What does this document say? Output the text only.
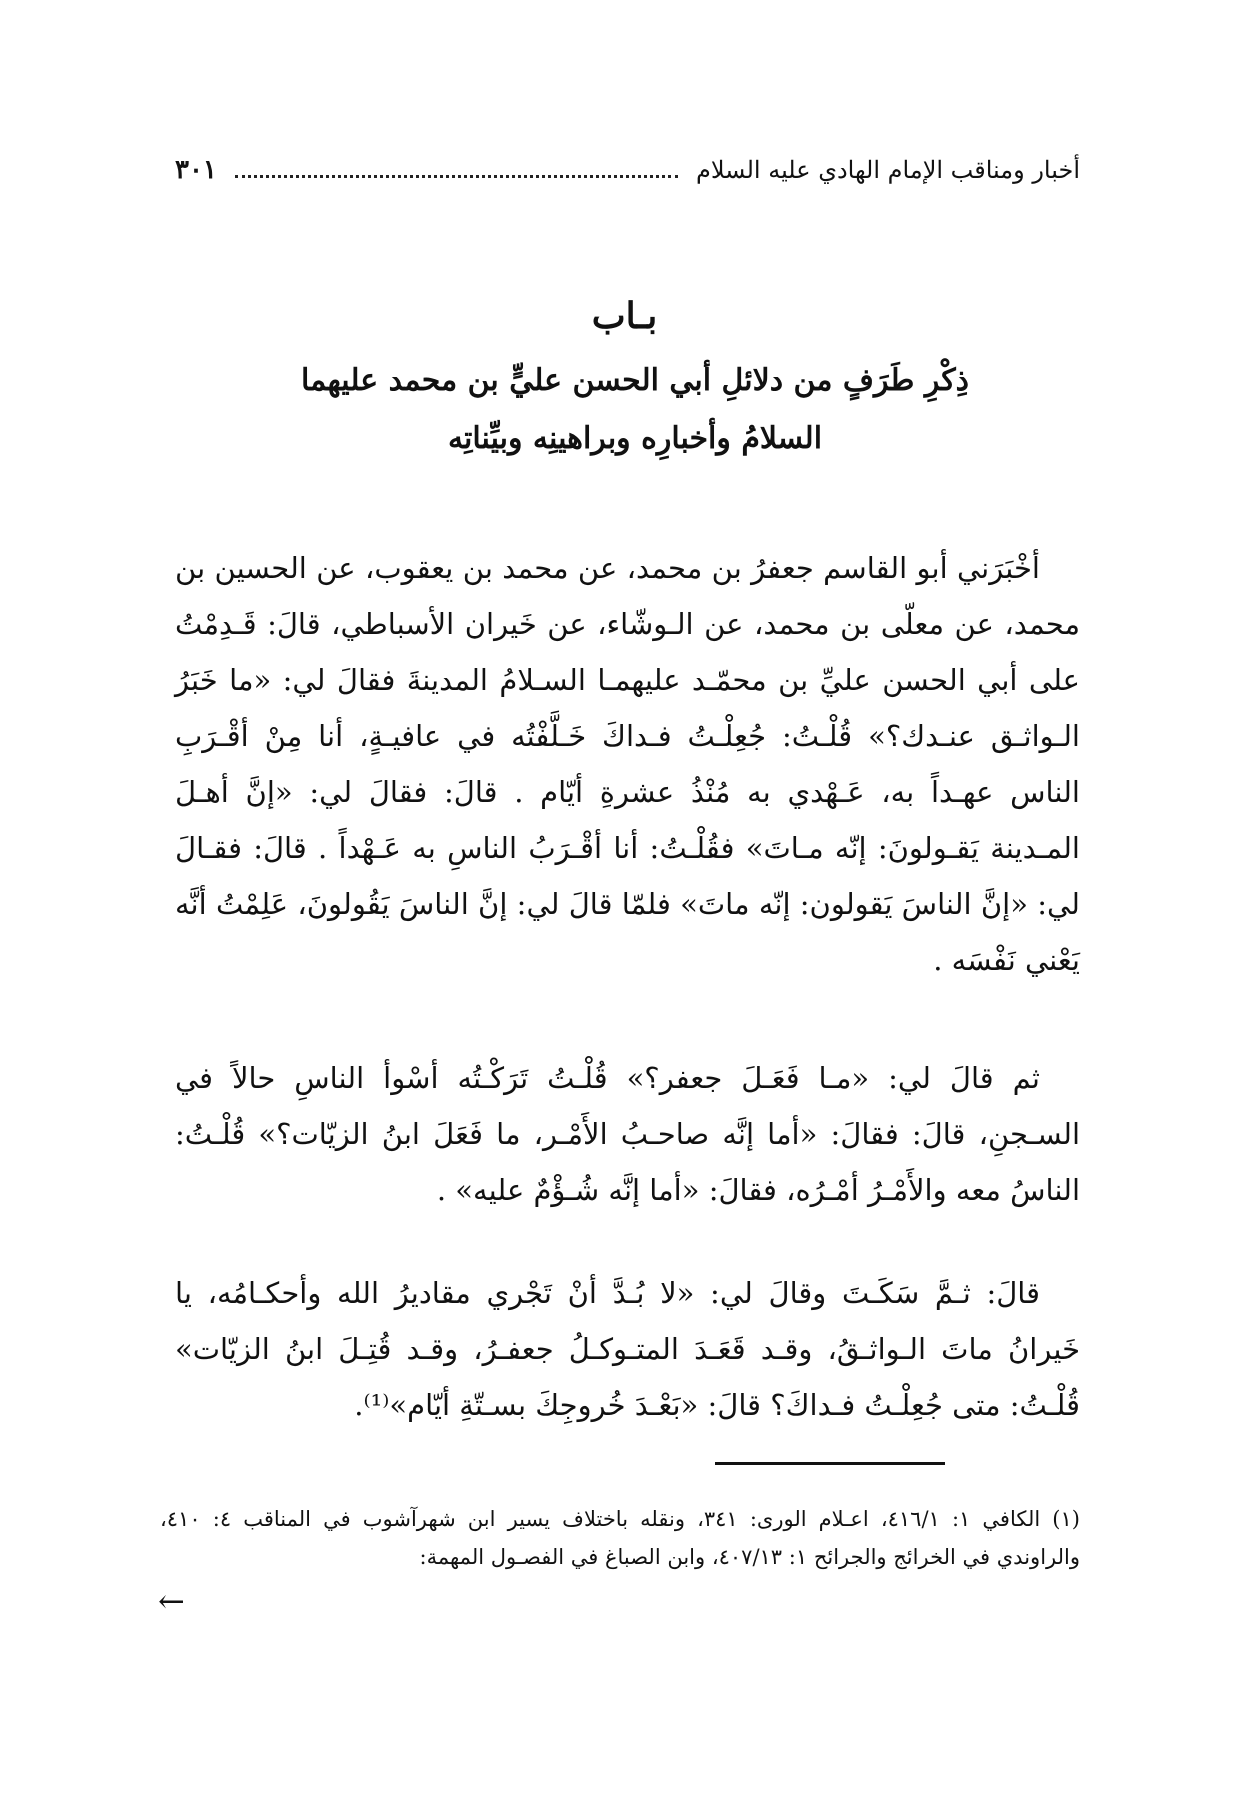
أخبار ومناقب الإمام الهادي عليه السلام
٣٠١
بـاب
ذِكْرِ طَرَفٍ من دلائلِ أبي الحسن عليٍّ بن محمد عليهما السلامُ وأخبارِه وبراهينِه وبيِّناتِه

أخْبَرَني أبو القاسم جعفرُ بن محمد، عن محمد بن يعقوب، عن الحسين بن محمد، عن معلّى بن محمد، عن الـوشّاء، عن خَيران الأسباطي، قالَ: قَـدِمْتُ على أبي الحسن عليِّ بن محمّـد عليهمـا السـلامُ المدينةَ فقالَ لي: «ما خَبَرُ الـواثـق عنـدك؟» قُلْـتُ: جُعِلْـتُ فـداكَ خَـلَّفْتُه في عافيـةٍ، أنا مِنْ أقْـرَبِ الناس عهـداً به، عَـهْدي به مُنْذُ عشرةِ أيّام . قالَ: فقالَ لي: «إنَّ أهـلَ المـدينة يَقـولونَ: إنّه مـاتَ» فقُلْـتُ: أنا أقْـرَبُ الناسِ به عَـهْداً . قالَ: فقـالَ لي: «إنَّ الناسَ يَقولون: إنّه ماتَ» فلمّا قالَ لي: إنَّ الناسَ يَقُولونَ، عَلِمْتُ أنَّه يَعْني نَفْسَه .

ثم قالَ لي: «مـا فَعَـلَ جعفر؟» قُلْـتُ تَرَكْـتُه أسْوأ الناسِ حالاً في السـجنِ، قالَ: فقالَ: «أما إنَّه صاحـبُ الأَمْـر، ما فَعَلَ ابنُ الزيّات؟» قُلْـتُ: الناسُ معه والأَمْـرُ أمْـرُه، فقالَ: «أما إنَّه شُـؤْمٌ عليه» .

قالَ: ثـمَّ سَكَـتَ وقالَ لي: «لا بُـدَّ أنْ تَجْري مقاديرُ الله وأحكـامُه، يا خَيرانُ ماتَ الـواثـقُ، وقـد قَعَـدَ المتـوكـلُ جعفـرُ، وقـد قُتِـلَ ابنُ الزيّات» قُلْـتُ: متى جُعِلْـتُ فـداكَ؟ قالَ: «بَعْـدَ خُروجِكَ بسـتّةِ أيّام»⁽¹⁾.

(١) الكافي ١: ٤١٦/١، اعـلام الورى: ٣٤١، ونقله باختلاف يسير ابن شهرآشوب في المناقب ٤: ٤١٠، والراوندي في الخرائج والجرائح ١: ٤٠٧/١٣، وابن الصباغ في الفصـول المهمة:

←
